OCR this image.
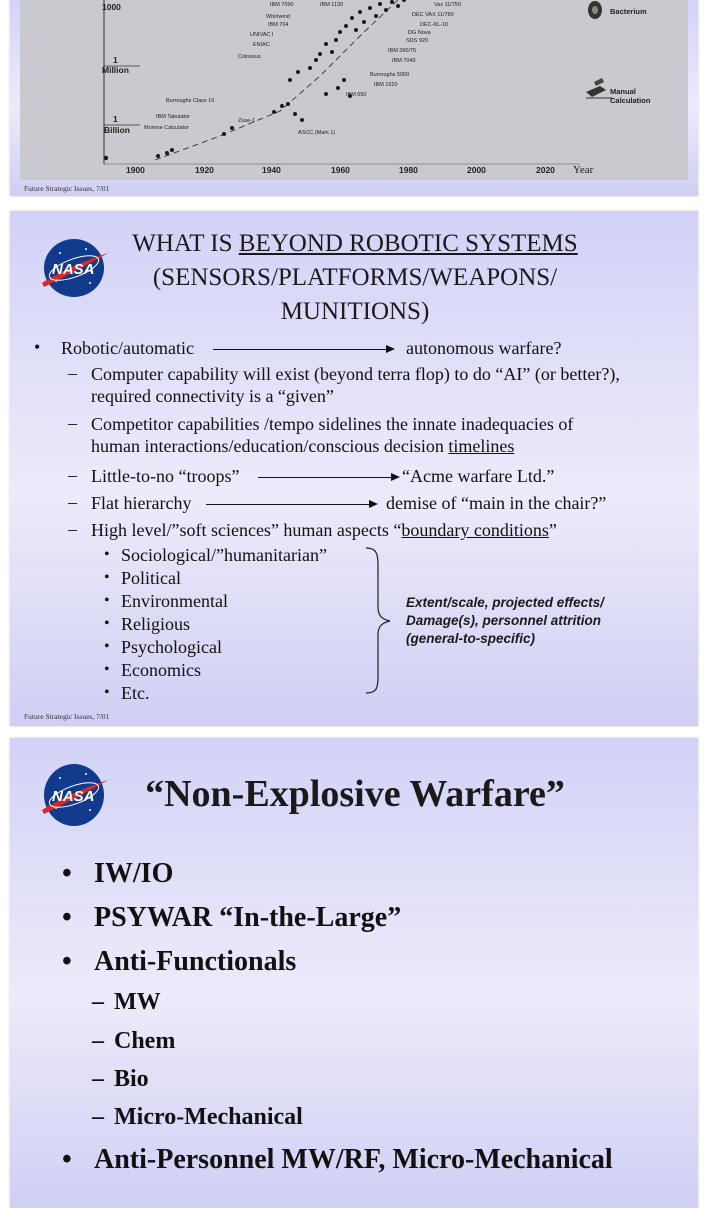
1000
1
Million
1
Billion
1900	1920	1940	1960	1980	2000	2020 Year
IBM 7090	IBM 1130
Whirlwind
IBM 704
UNIVAC I
ENIAC
Colossus
Burroughs Class 16
IBM Tabulator
Monroe Calculator
Zuse-1
ASCC (Mark 1)
Vax 11/750
DEC VAX 11/780
DEC-KL-10
DG Nova
SDS 920
IBM 360/75
IBM 7040
Burroughs 5000
IBM 1620
IBM 650
Bacterium
Manual
Calculation
Future Strategic Issues, 7/01
NASA
WHAT IS BEYOND ROBOTIC SYSTEMS
(SENSORS/PLATFORMS/WEAPONS/
MUNITIONS)
• Robotic/automatic	autonomous warfare?
– Computer capability will exist (beyond terra flop) to do “AI” (or better?),
required connectivity is a “given”
– Competitor capabilities /tempo sidelines the innate inadequacies of
human interactions/education/conscious decision timelines
– Little-to-no “troops”	“Acme warfare Ltd.”
– Flat hierarchy	demise of “main in the chair?”
– High level/”soft sciences” human aspects “boundary conditions”
• Sociological/”humanitarian”
• Political
• Environmental
• Religious
• Psychological
• Economics
• Etc.
Extent/scale, projected effects/
Damage(s), personnel attrition
(general-to-specific)
Future Strategic Issues, 7/01
NASA	“Non-Explosive Warfare”
• IW/IO
• PSYWAR “In-the-Large”
• Anti-Functionals
– MW
– Chem
– Bio
– Micro-Mechanical
• Anti-Personnel MW/RF, Micro-Mechanical
